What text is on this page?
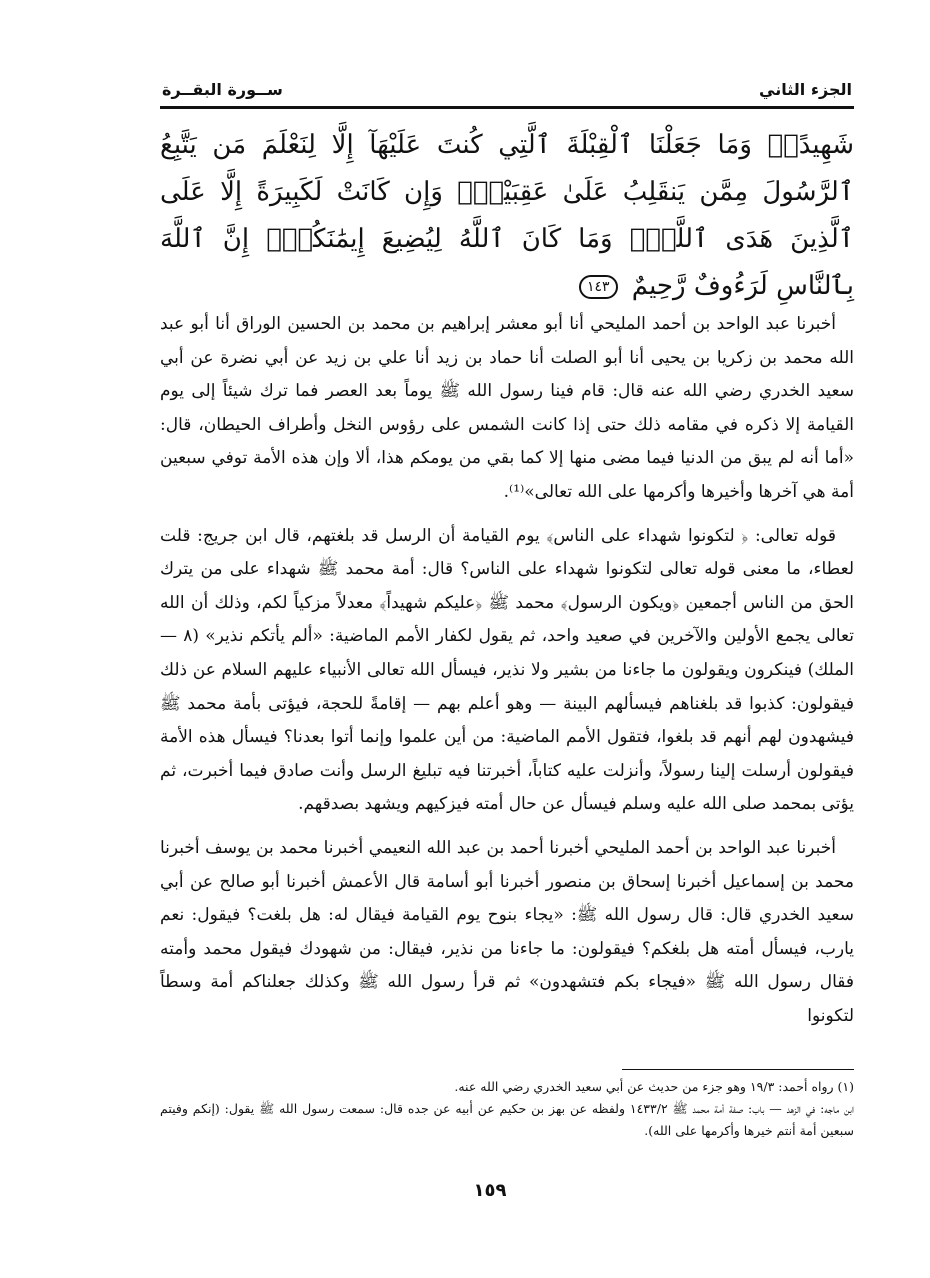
الجزء الثاني
ســورة البقــرة
شَهِيدًاۗ وَمَا جَعَلْنَا ٱلْقِبْلَةَ ٱلَّتِي كُنتَ عَلَيْهَآ إِلَّا لِنَعْلَمَ مَن يَتَّبِعُ ٱلرَّسُولَ مِمَّن يَنقَلِبُ عَلَىٰ عَقِبَيْهِۚ وَإِن كَانَتْ لَكَبِيرَةً إِلَّا عَلَى ٱلَّذِينَ هَدَى ٱللَّهُۗ وَمَا كَانَ ٱللَّهُ لِيُضِيعَ إِيمَٰنَكُمْۚ إِنَّ ٱللَّهَ بِٱلنَّاسِ لَرَءُوفٌ رَّحِيمٌ ١٤٣

أخبرنا عبد الواحد بن أحمد المليحي أنا أبو معشر إبراهيم بن محمد بن الحسين الوراق أنا أبو عبد الله محمد بن زكريا بن يحيى أنا أبو الصلت أنا حماد بن زيد أنا علي بن زيد عن أبي نضرة عن أبي سعيد الخدري رضي الله عنه قال: قام فينا رسول الله ﷺ يوماً بعد العصر فما ترك شيئاً إلى يوم القيامة إلا ذكره في مقامه ذلك حتى إذا كانت الشمس على رؤوس النخل وأطراف الحيطان، قال: «أما أنه لم يبق من الدنيا فيما مضى منها إلا كما بقي من يومكم هذا، ألا وإن هذه الأمة توفي سبعين أمة هي آخرها وأخيرها وأكرمها على الله تعالى»⁽¹⁾.

قوله تعالى: ﴿ لتكونوا شهداء على الناس﴾ يوم القيامة أن الرسل قد بلغتهم، قال ابن جريج: قلت لعطاء، ما معنى قوله تعالى لتكونوا شهداء على الناس؟ قال: أمة محمد ﷺ شهداء على من يترك الحق من الناس أجمعين ﴿ويكون الرسول﴾ محمد ﷺ ﴿عليكم شهيداً﴾ معدلاً مزكياً لكم، وذلك أن الله تعالى يجمع الأولين والآخرين في صعيد واحد، ثم يقول لكفار الأمم الماضية: «ألم يأتكم نذير» (٨ — الملك) فينكرون ويقولون ما جاءنا من بشير ولا نذير، فيسأل الله تعالى الأنبياء عليهم السلام عن ذلك فيقولون: كذبوا قد بلغناهم فيسألهم البينة — وهو أعلم بهم — إقامةً للحجة، فيؤتى بأمة محمد ﷺ فيشهدون لهم أنهم قد بلغوا، فتقول الأمم الماضية: من أين علموا وإنما أتوا بعدنا؟ فيسأل هذه الأمة فيقولون أرسلت إلينا رسولاً، وأنزلت عليه كتاباً، أخبرتنا فيه تبليغ الرسل وأنت صادق فيما أخبرت، ثم يؤتى بمحمد صلى الله عليه وسلم فيسأل عن حال أمته فيزكيهم ويشهد بصدقهم.

أخبرنا عبد الواحد بن أحمد المليحي أخبرنا أحمد بن عبد الله النعيمي أخبرنا محمد بن يوسف أخبرنا محمد بن إسماعيل أخبرنا إسحاق بن منصور أخبرنا أبو أسامة قال الأعمش أخبرنا أبو صالح عن أبي سعيد الخدري قال: قال رسول الله ﷺ: «يجاء بنوح يوم القيامة فيقال له: هل بلغت؟ فيقول: نعم يارب، فيسأل أمته هل بلغكم؟ فيقولون: ما جاءنا من نذير، فيقال: من شهودك فيقول محمد وأمته فقال رسول الله ﷺ «فيجاء بكم فتشهدون» ثم قرأ رسول الله ﷺ وكذلك جعلناكم أمة وسطاً لتكونوا

(١) رواه أحمد: ١٩/٣ وهو جزء من حديث عن أبي سعيد الخدري رضي الله عنه.

ابن ماجه: في الزهد — باب: صفة أمة محمد ﷺ ١٤٣٣/٢ ولفظه عن بهز بن حكيم عن أبيه عن جده قال: سمعت رسول الله ﷺ يقول: (إنكم وفيتم سبعين أمة أنتم خيرها وأكرمها على الله).

١٥٩
